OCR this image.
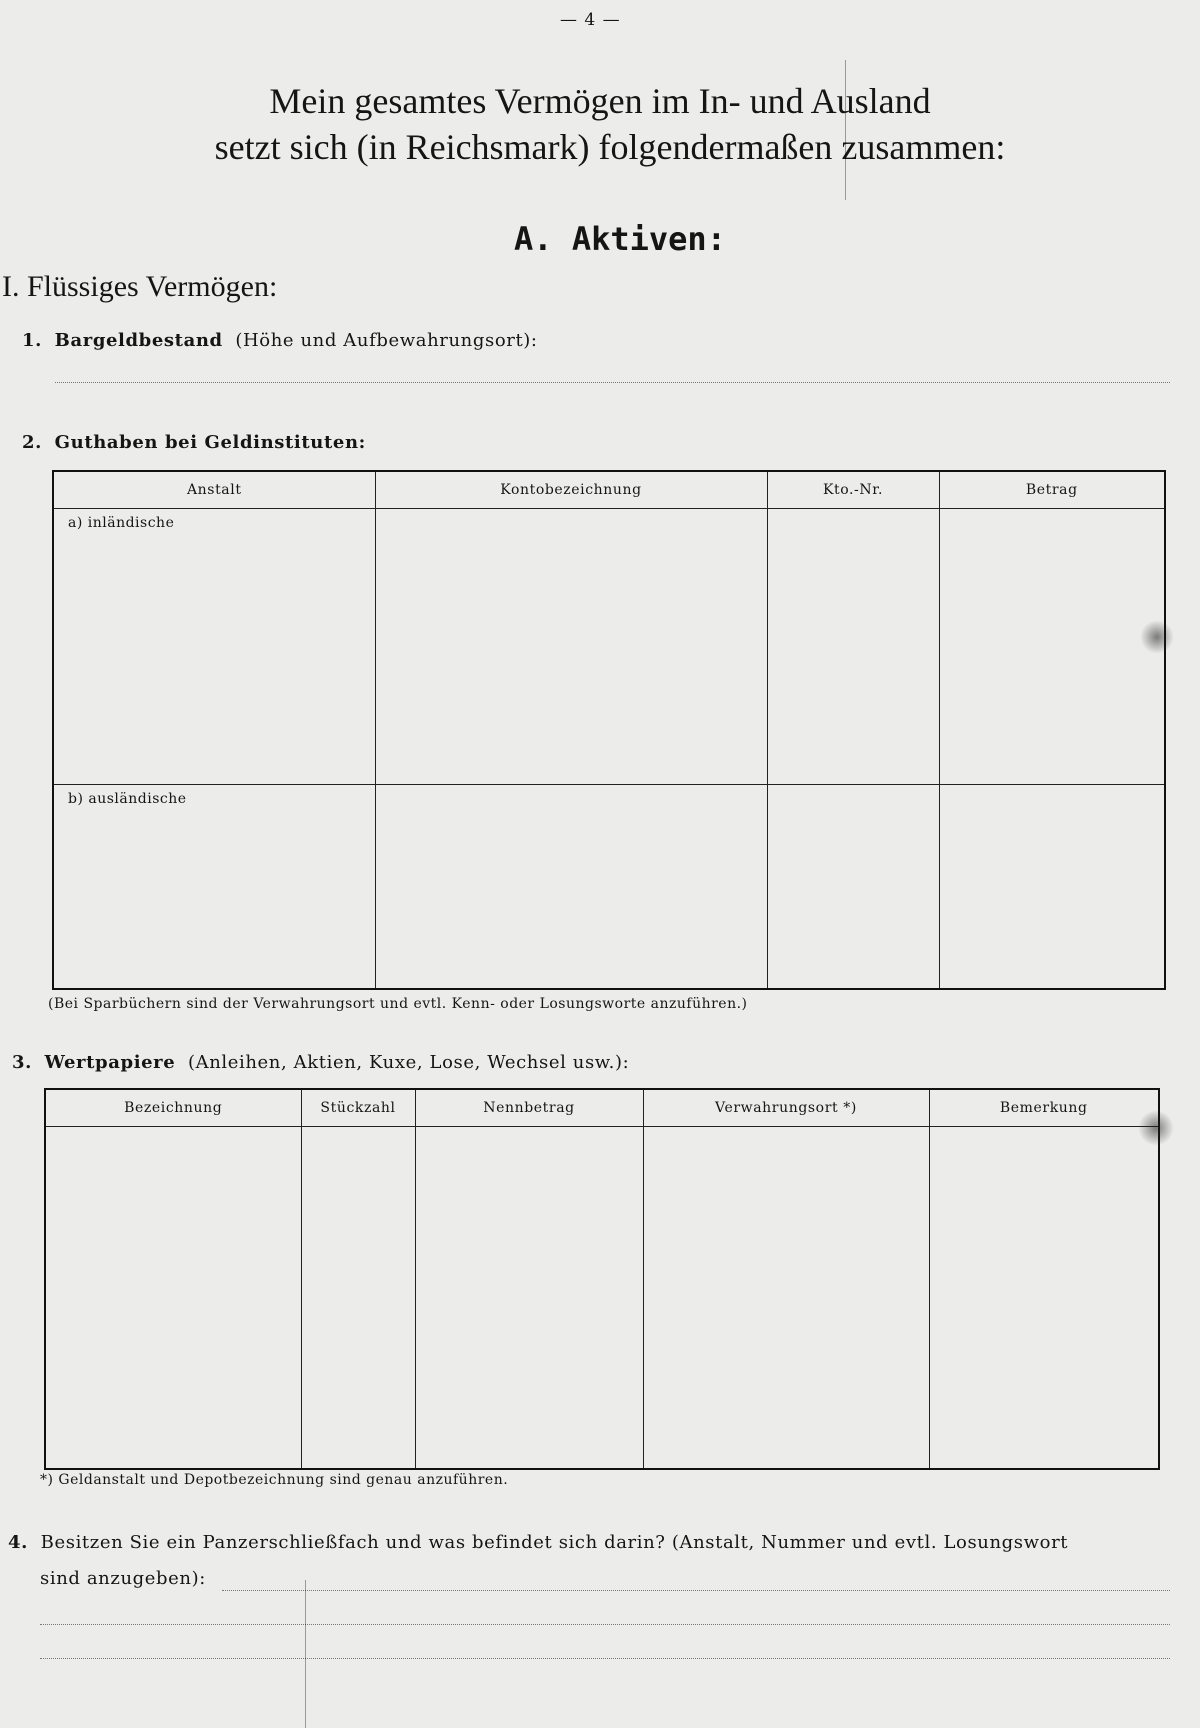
— 4 —
Mein gesamtes Vermögen im In- und Ausland
setzt sich (in Reichsmark) folgendermaßen zusammen:
A. Aktiven:
I. Flüssiges Vermögen:
1. Bargeldbestand (Höhe und Aufbewahrungsort):
2. Guthaben bei Geldinstituten:
Anstalt	Kontobezeichnung	Kto.-Nr.	Betrag

a) inländische			

b) ausländische			

(Bei Sparbüchern sind der Verwahrungsort und evtl. Kenn- oder Losungsworte anzuführen.)
3. Wertpapiere (Anleihen, Aktien, Kuxe, Lose, Wechsel usw.):
Bezeichnung	Stückzahl	Nennbetrag	Verwahrungsort *)	Bemerkung

*) Geldanstalt und Depotbezeichnung sind genau anzuführen.
4. Besitzen Sie ein Panzerschließfach und was befindet sich darin? (Anstalt, Nummer und evtl. Losungswort
sind anzugeben):
